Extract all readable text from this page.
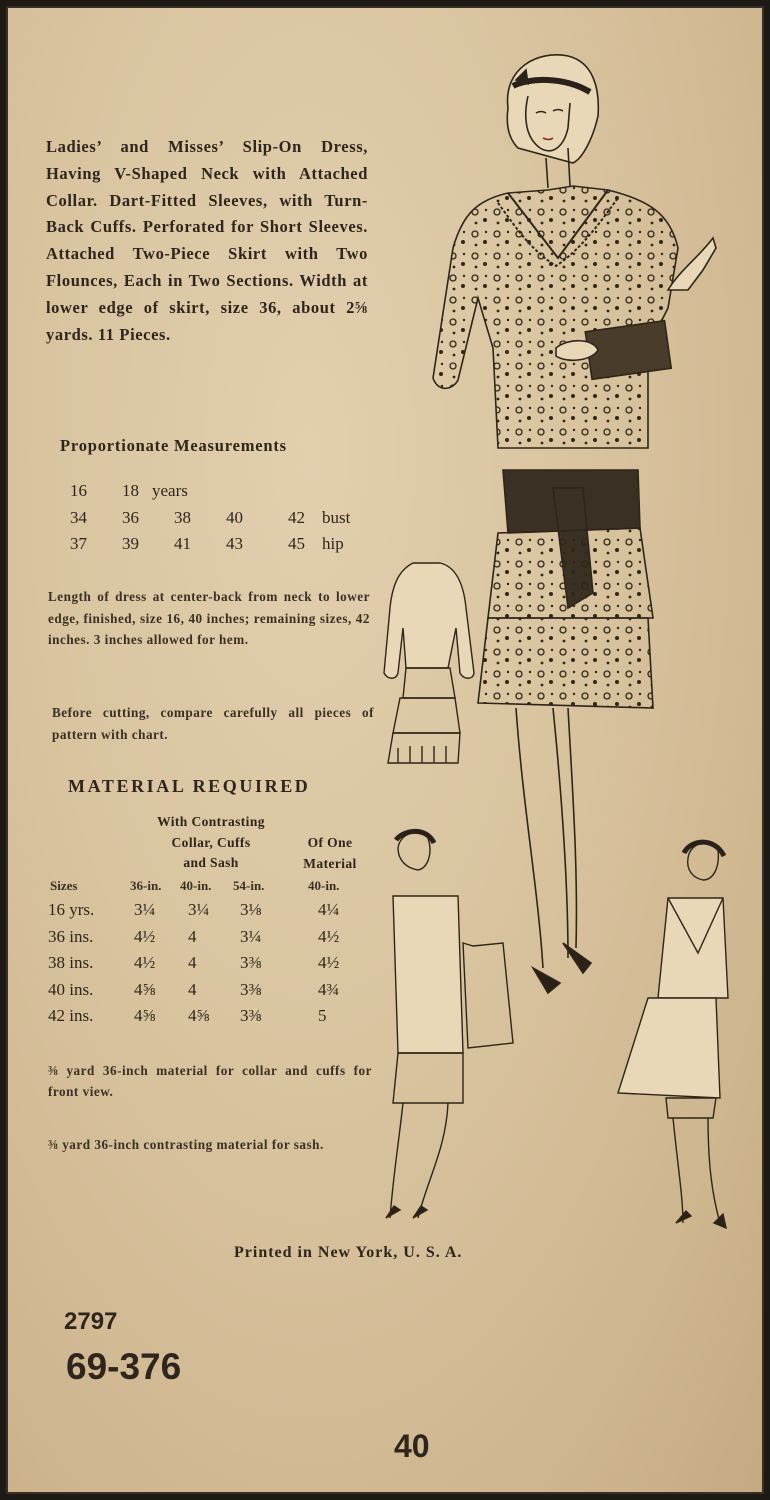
Ladies’ and Misses’ Slip-On Dress, Having V-Shaped Neck with Attached Collar. Dart-Fitted Sleeves, with Turn-Back Cuffs. Perforated for Short Sleeves. Attached Two-Piece Skirt with Two Flounces, Each in Two Sections. Width at lower edge of skirt, size 36, about 2⅝ yards. 11 Pieces.

Proportionate Measurements

16	18 years
34	36	38	40	42	bust
37	39	41	43	45	hip

Length of dress at center-back from neck to lower edge, finished, size 16, 40 inches; remaining sizes, 42 inches. 3 inches allowed for hem.

Before cutting, compare carefully all pieces of pattern with chart.

MATERIAL REQUIRED

With Contrasting
Collar, Cuffs
and Sash
Of One
Material
Sizes	36-in. 40-in. 54-in.	40-in.
16 yrs. 3¼ 3¼ 3⅛	4¼
36 ins. 4½ 4	3¼	4½
38 ins. 4½ 4	3⅜	4½
40 ins. 4⅝ 4	3⅜	4¾
42 ins. 4⅝ 4⅝ 3⅜	5

⅜ yard 36-inch material for collar and cuffs for front view.

⅜ yard 36-inch contrasting material for sash.

Printed in New York, U. S. A.

2797
69-376
40
